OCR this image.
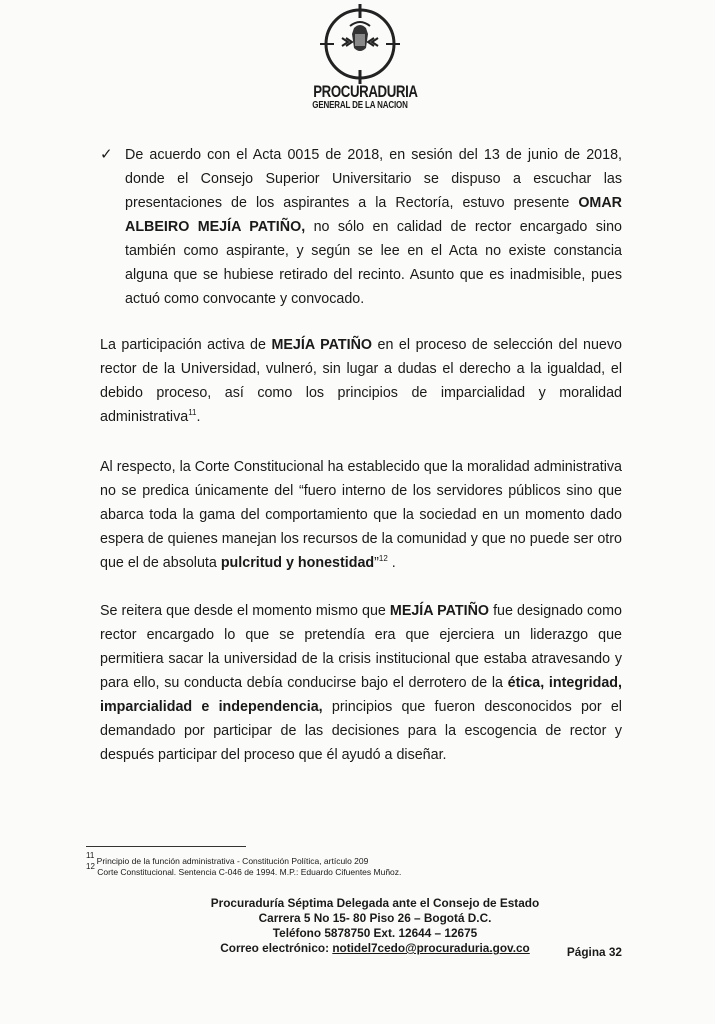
PROCURADURIA
GENERAL DE LA NACION
✓ De acuerdo con el Acta 0015 de 2018, en sesión del 13 de junio de 2018, donde el Consejo Superior Universitario se dispuso a escuchar las presentaciones de los aspirantes a la Rectoría, estuvo presente OMAR ALBEIRO MEJÍA PATIÑO, no sólo en calidad de rector encargado sino también como aspirante, y según se lee en el Acta no existe constancia alguna que se hubiese retirado del recinto. Asunto que es inadmisible, pues actuó como convocante y convocado.
La participación activa de MEJÍA PATIÑO en el proceso de selección del nuevo rector de la Universidad, vulneró, sin lugar a dudas el derecho a la igualdad, el debido proceso, así como los principios de imparcialidad y moralidad administrativa$^{11}$.
Al respecto, la Corte Constitucional ha establecido que la moralidad administrativa no se predica únicamente del “fuero interno de los servidores públicos sino que abarca toda la gama del comportamiento que la sociedad en un momento dado espera de quienes manejan los recursos de la comunidad y que no puede ser otro que el de absoluta pulcritud y honestidad”$^{12}$ .
Se reitera que desde el momento mismo que MEJÍA PATIÑO fue designado como rector encargado lo que se pretendía era que ejerciera un liderazgo que permitiera sacar la universidad de la crisis institucional que estaba atravesando y para ello, su conducta debía conducirse bajo el derrotero de la ética, integridad, imparcialidad e independencia, principios que fueron desconocidos por el demandado por participar de las decisiones para la escogencia de rector y después participar del proceso que él ayudó a diseñar.
$^{11}$ Principio de la función administrativa - Constitución Política, artículo 209
$^{12}$ Corte Constitucional. Sentencia C-046 de 1994. M.P.: Eduardo Cifuentes Muñoz.
Procuraduría Séptima Delegada ante el Consejo de Estado
Carrera 5 No 15- 80 Piso 26 – Bogotá D.C.
Teléfono 5878750 Ext. 12644 – 12675
Correo electrónico: notidel7cedo@procuraduria.gov.co	Página 32
